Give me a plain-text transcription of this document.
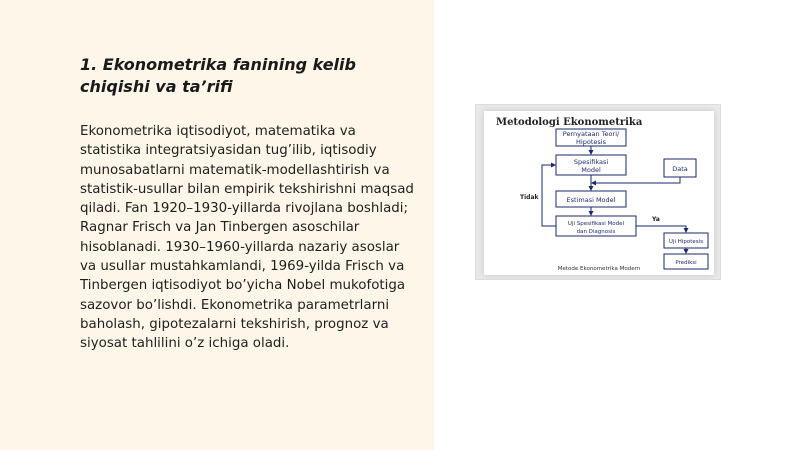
1. Ekonometrika fanining kelib
chiqishi va ta’rifi

Ekonometrika iqtisodiyot, matematika va statistika integratsiyasidan tug’ilib, iqtisodiy munosabatlarni matematik-modellashtirish va statistik-usullar bilan empirik tekshirishni maqsad qiladi. Fan 1920–1930-yillarda rivojlana boshladi; Ragnar Frisch va Jan Tinbergen asoschilar hisoblanadi. 1930–1960-yillarda nazariy asoslar va usullar mustahkamlandi, 1969-yilda Frisch va Tinbergen iqtisodiyot bo’yicha Nobel mukofotiga sazovor bo’lishdi. Ekonometrika parametrlarni baholash, gipotezalarni tekshirish, prognoz va siyosat tahlilini o’z ichiga oladi.

Metodologi Ekonometrika
Pernyataan Teori/
Hipotesis
Spesifikasi
Model	Data
Estimasi Model
Uji Spesifikasi Model
dan Diagnosis
Uji Hipotesis
Prediksi
Tidak
Ya
Metode Ekonometrika Modern
